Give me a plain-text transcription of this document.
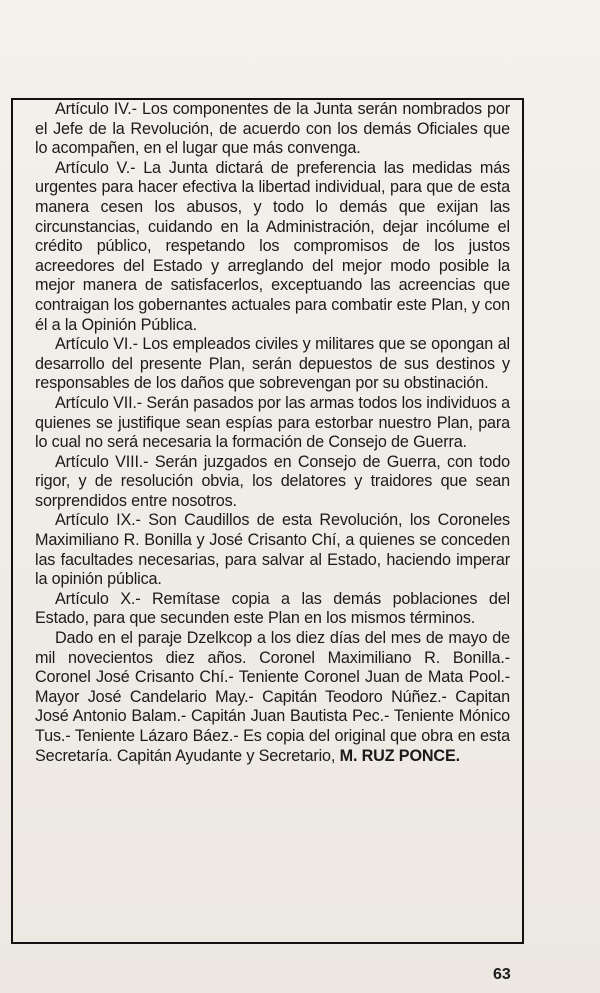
Artículo IV.- Los componentes de la Junta serán nombrados por el Jefe de la Revolución, de acuerdo con los demás Oficiales que lo acompañen, en el lugar que más convenga.

Artículo V.- La Junta dictará de preferencia las medidas más urgentes para hacer efectiva la libertad individual, para que de esta manera cesen los abusos, y todo lo demás que exijan las circunstancias, cuidando en la Administración, dejar incólume el crédito público, respetando los compromisos de los justos acreedores del Estado y arreglando del mejor modo posible la mejor manera de satisfacerlos, exceptuando las acreencias que contraigan los gobernantes actuales para combatir este Plan, y con él a la Opinión Pública.

Artículo VI.- Los empleados civiles y militares que se opongan al desarrollo del presente Plan, serán depuestos de sus destinos y responsables de los daños que sobrevengan por su obstinación.

Artículo VII.- Serán pasados por las armas todos los individuos a quienes se justifique sean espías para estorbar nuestro Plan, para lo cual no será necesaria la formación de Consejo de Guerra.

Artículo VIII.- Serán juzgados en Consejo de Guerra, con todo rigor, y de resolución obvia, los delatores y traidores que sean sorprendidos entre nosotros.

Artículo IX.- Son Caudillos de esta Revolución, los Coroneles Maximiliano R. Bonilla y José Crisanto Chí, a quienes se conceden las facultades necesarias, para salvar al Estado, haciendo imperar la opinión pública.

Artículo X.- Remítase copia a las demás poblaciones del Estado, para que secunden este Plan en los mismos términos.

Dado en el paraje Dzelkcop a los diez días del mes de mayo de mil novecientos diez años. Coronel Maximiliano R. Bonilla.- Coronel José Crisanto Chí.- Teniente Coronel Juan de Mata Pool.- Mayor José Candelario May.- Capitán Teodoro Núñez.- Capitan José Antonio Balam.- Capitán Juan Bautista Pec.- Teniente Mónico Tus.- Teniente Lázaro Báez.- Es copia del original que obra en esta Secretaría. Capitán Ayudante y Secretario, M. RUZ PONCE.

63
